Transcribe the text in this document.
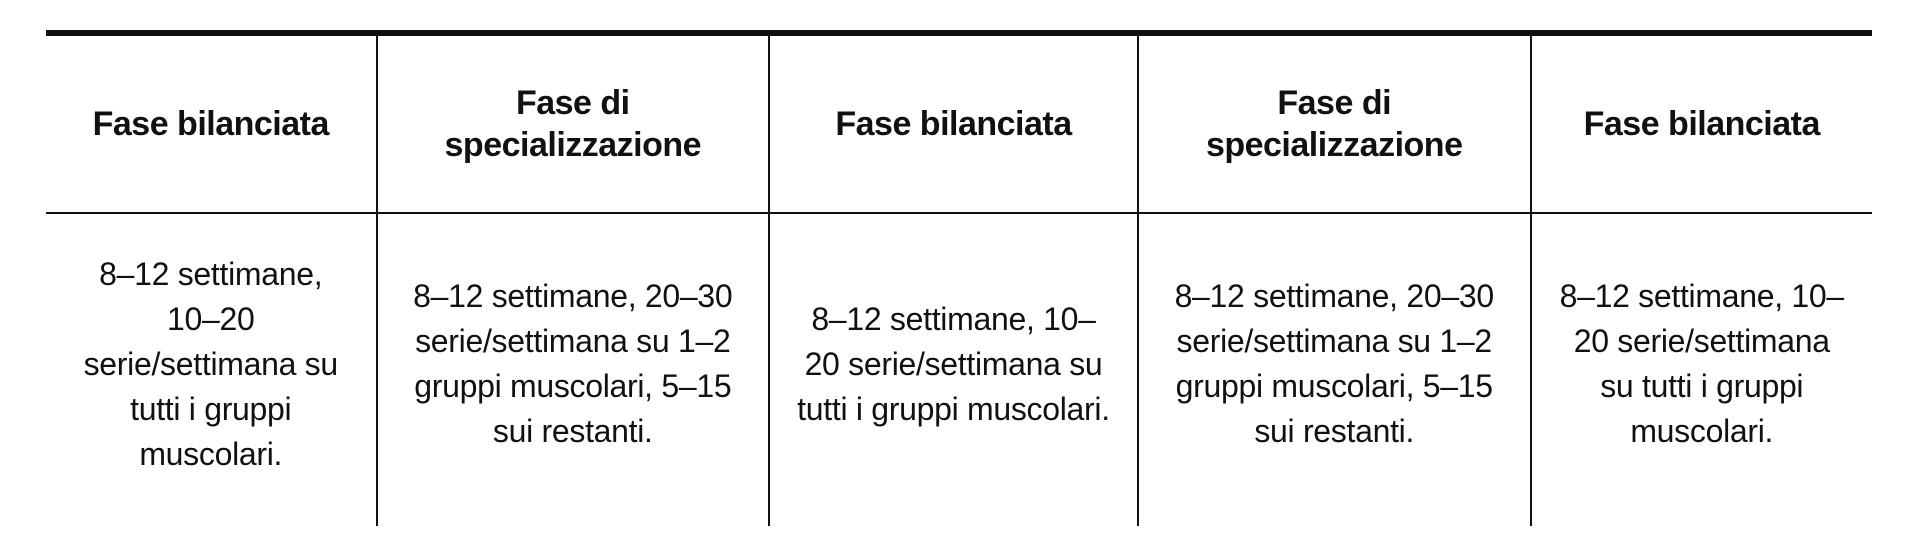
Fase bilanciata	Fase di specializzazione	Fase bilanciata	Fase di specializzazione	Fase bilanciata
8–12 settimane, 10–20 serie/settimana su tutti i gruppi muscolari.	8–12 settimane, 20–30 serie/settimana su 1–2 gruppi muscolari, 5–15 sui restanti.	8–12 settimane, 10–20 serie/settimana su tutti i gruppi muscolari.	8–12 settimane, 20–30 serie/settimana su 1–2 gruppi muscolari, 5–15 sui restanti.	8–12 settimane, 10–20 serie/settimana su tutti i gruppi muscolari.
